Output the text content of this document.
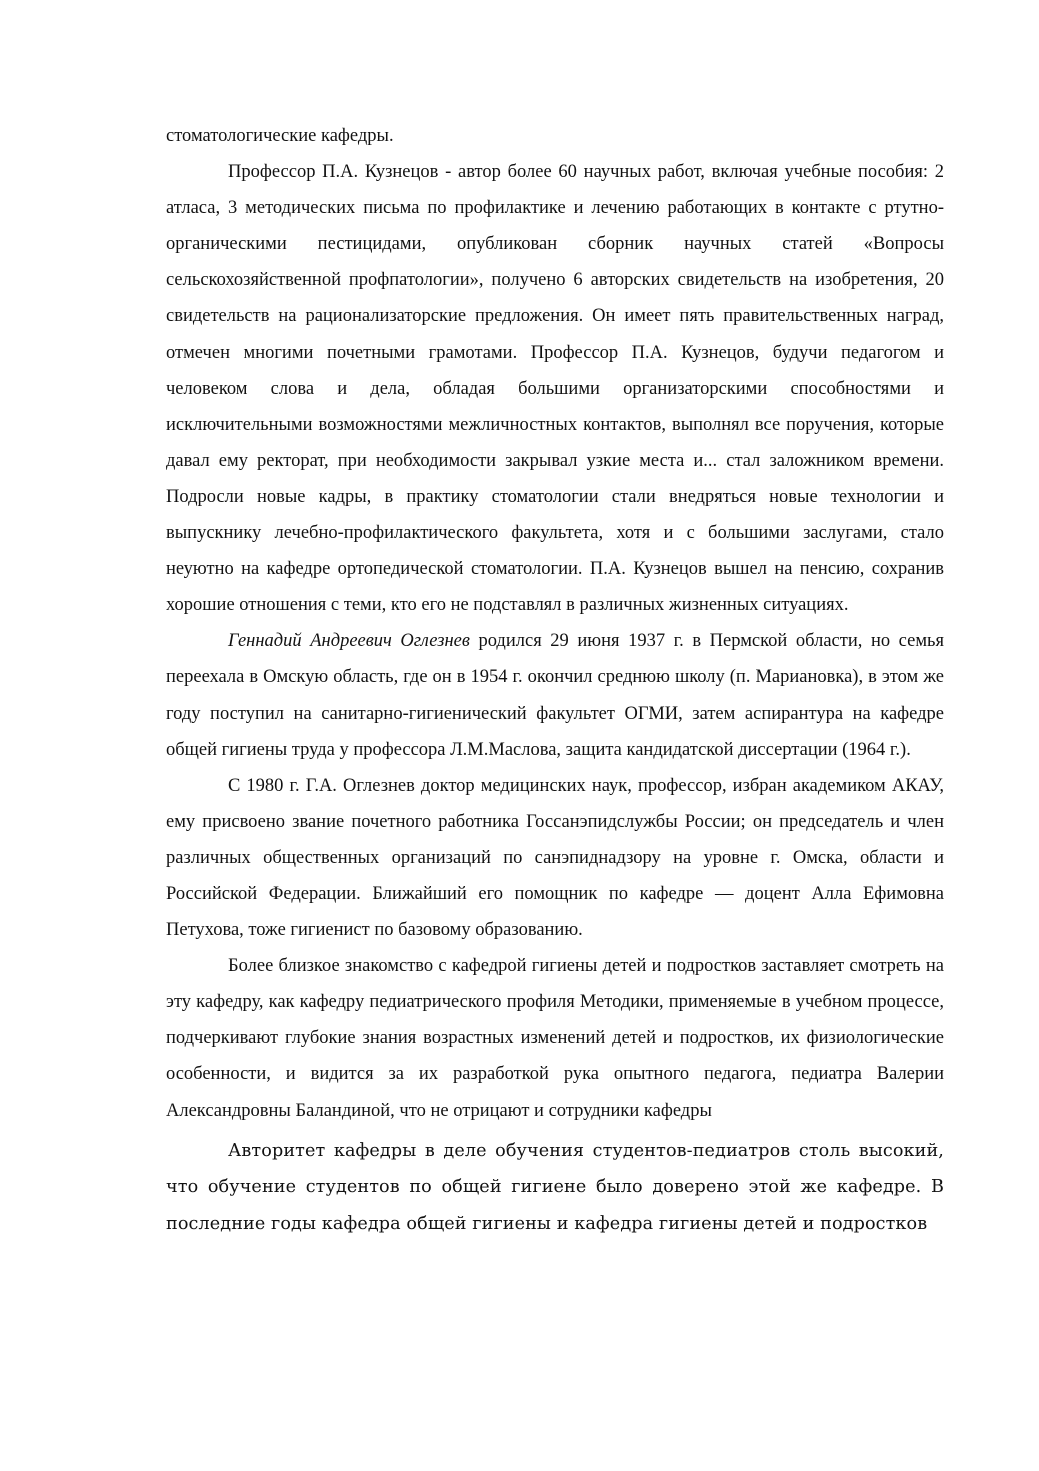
стоматологические кафедры.

Профессор П.А. Кузнецов - автор более 60 научных работ, включая учебные пособия: 2 атласа, 3 методических письма по профилактике и лечению работающих в контакте с ртутно-органическими пестицидами, опубликован сборник научных статей «Вопросы сельскохозяйственной профпатологии», получено 6 авторских свидетельств на изобретения, 20 свидетельств на рационализаторские предложения. Он имеет пять правительственных наград, отмечен многими почетными грамотами. Профессор П.А. Кузнецов, будучи педагогом и человеком слова и дела, обладая большими организаторскими способностями и исключительными возможностями межличностных контактов, выполнял все поручения, которые давал ему ректорат, при необходимости закрывал узкие места и... стал заложником времени. Подросли новые кадры, в практику стоматологии стали внедряться новые технологии и выпускнику лечебно-профилактического факультета, хотя и с большими заслугами, стало неуютно на кафедре ортопедической стоматологии. П.А. Кузнецов вышел на пенсию, сохранив хорошие отношения с теми, кто его не подставлял в различных жизненных ситуациях.

Геннадий Андреевич Оглезнев родился 29 июня 1937 г. в Пермской области, но семья переехала в Омскую область, где он в 1954 г. окончил среднюю школу (п. Мариановка), в этом же году поступил на санитарно-гигиенический факультет ОГМИ, затем аспирантура на кафедре общей гигиены труда у профессора Л.М.Маслова, защита кандидатской диссертации (1964 г.).

С 1980 г. Г.А. Оглезнев доктор медицинских наук, профессор, избран академиком АКАУ, ему присвоено звание почетного работника Госсанэпидслужбы России; он председатель и член различных общественных организаций по санэпиднадзору на уровне г. Омска, области и Российской Федерации. Ближайший его помощник по кафедре — доцент Алла Ефимовна Петухова, тоже гигиенист по базовому образованию.

Более близкое знакомство с кафедрой гигиены детей и подростков заставляет смотреть на эту кафедру, как кафедру педиатрического профиля Методики, применяемые в учебном процессе, подчеркивают глубокие знания возрастных изменений детей и подростков, их физиологические особенности, и видится за их разработкой рука опытного педагога, педиатра Валерии Александровны Баландиной, что не отрицают и сотрудники кафедры

Авторитет кафедры в деле обучения студентов-педиатров столь высокий, что обучение студентов по общей гигиене было доверено этой же кафедре. В последние годы кафедра общей гигиены и кафедра гигиены детей и подростков
